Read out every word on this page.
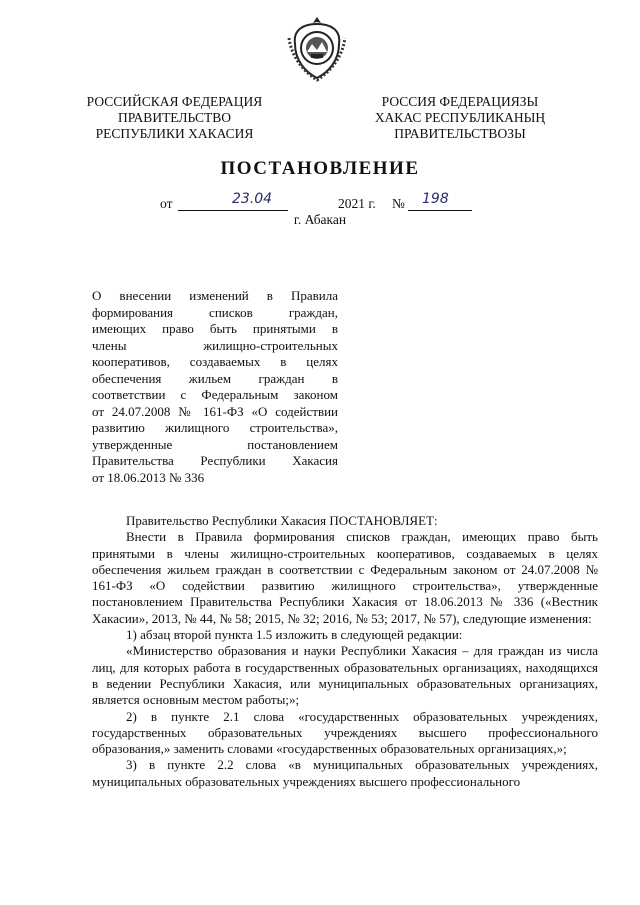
РОССИЙСКАЯ ФЕДЕРАЦИЯ
ПРАВИТЕЛЬСТВО
РЕСПУБЛИКИ ХАКАСИЯ
РОССИЯ ФЕДЕРАЦИЯЗЫ
ХАКАС РЕСПУБЛИКАНЫҢ
ПРАВИТЕЛЬСТВОЗЫ
ПОСТАНОВЛЕНИЕ
от	23.04	2021 г. № 198
г. Абакан
О внесении изменений в Правила
формирования списков граждан,
имеющих право быть принятыми в
члены жилищно-строительных
кооперативов, создаваемых в целях
обеспечения жильем граждан в
соответствии с Федеральным законом
от 24.07.2008 № 161-ФЗ «О содействии
развитию жилищного строительства»,
утвержденные постановлением
Правительства Республики Хакасия
от 18.06.2013 № 336

Правительство Республики Хакасия ПОСТАНОВЛЯЕТ:

Внести в Правила формирования списков граждан, имеющих право быть принятыми в члены жилищно-строительных кооперативов, создаваемых в целях обеспечения жильем граждан в соответствии с Федеральным законом от 24.07.2008 № 161-ФЗ «О содействии развитию жилищного строительства», утвержденные постановлением Правительства Республики Хакасия от 18.06.2013 № 336 («Вестник Хакасии», 2013, № 44, № 58; 2015, № 32; 2016, № 53; 2017, № 57), следующие изменения:

1) абзац второй пункта 1.5 изложить в следующей редакции:

«Министерство образования и науки Республики Хакасия – для граждан из числа лиц, для которых работа в государственных образовательных организациях, находящихся в ведении Республики Хакасия, или муниципальных образовательных организациях, является основным местом работы;»;

2) в пункте 2.1 слова «государственных образовательных учреждениях, государственных образовательных учреждениях высшего профессионального образования,» заменить словами «государственных образовательных организациях,»;

3) в пункте 2.2 слова «в муниципальных образовательных учреждениях, муниципальных образовательных учреждениях высшего профессионального
